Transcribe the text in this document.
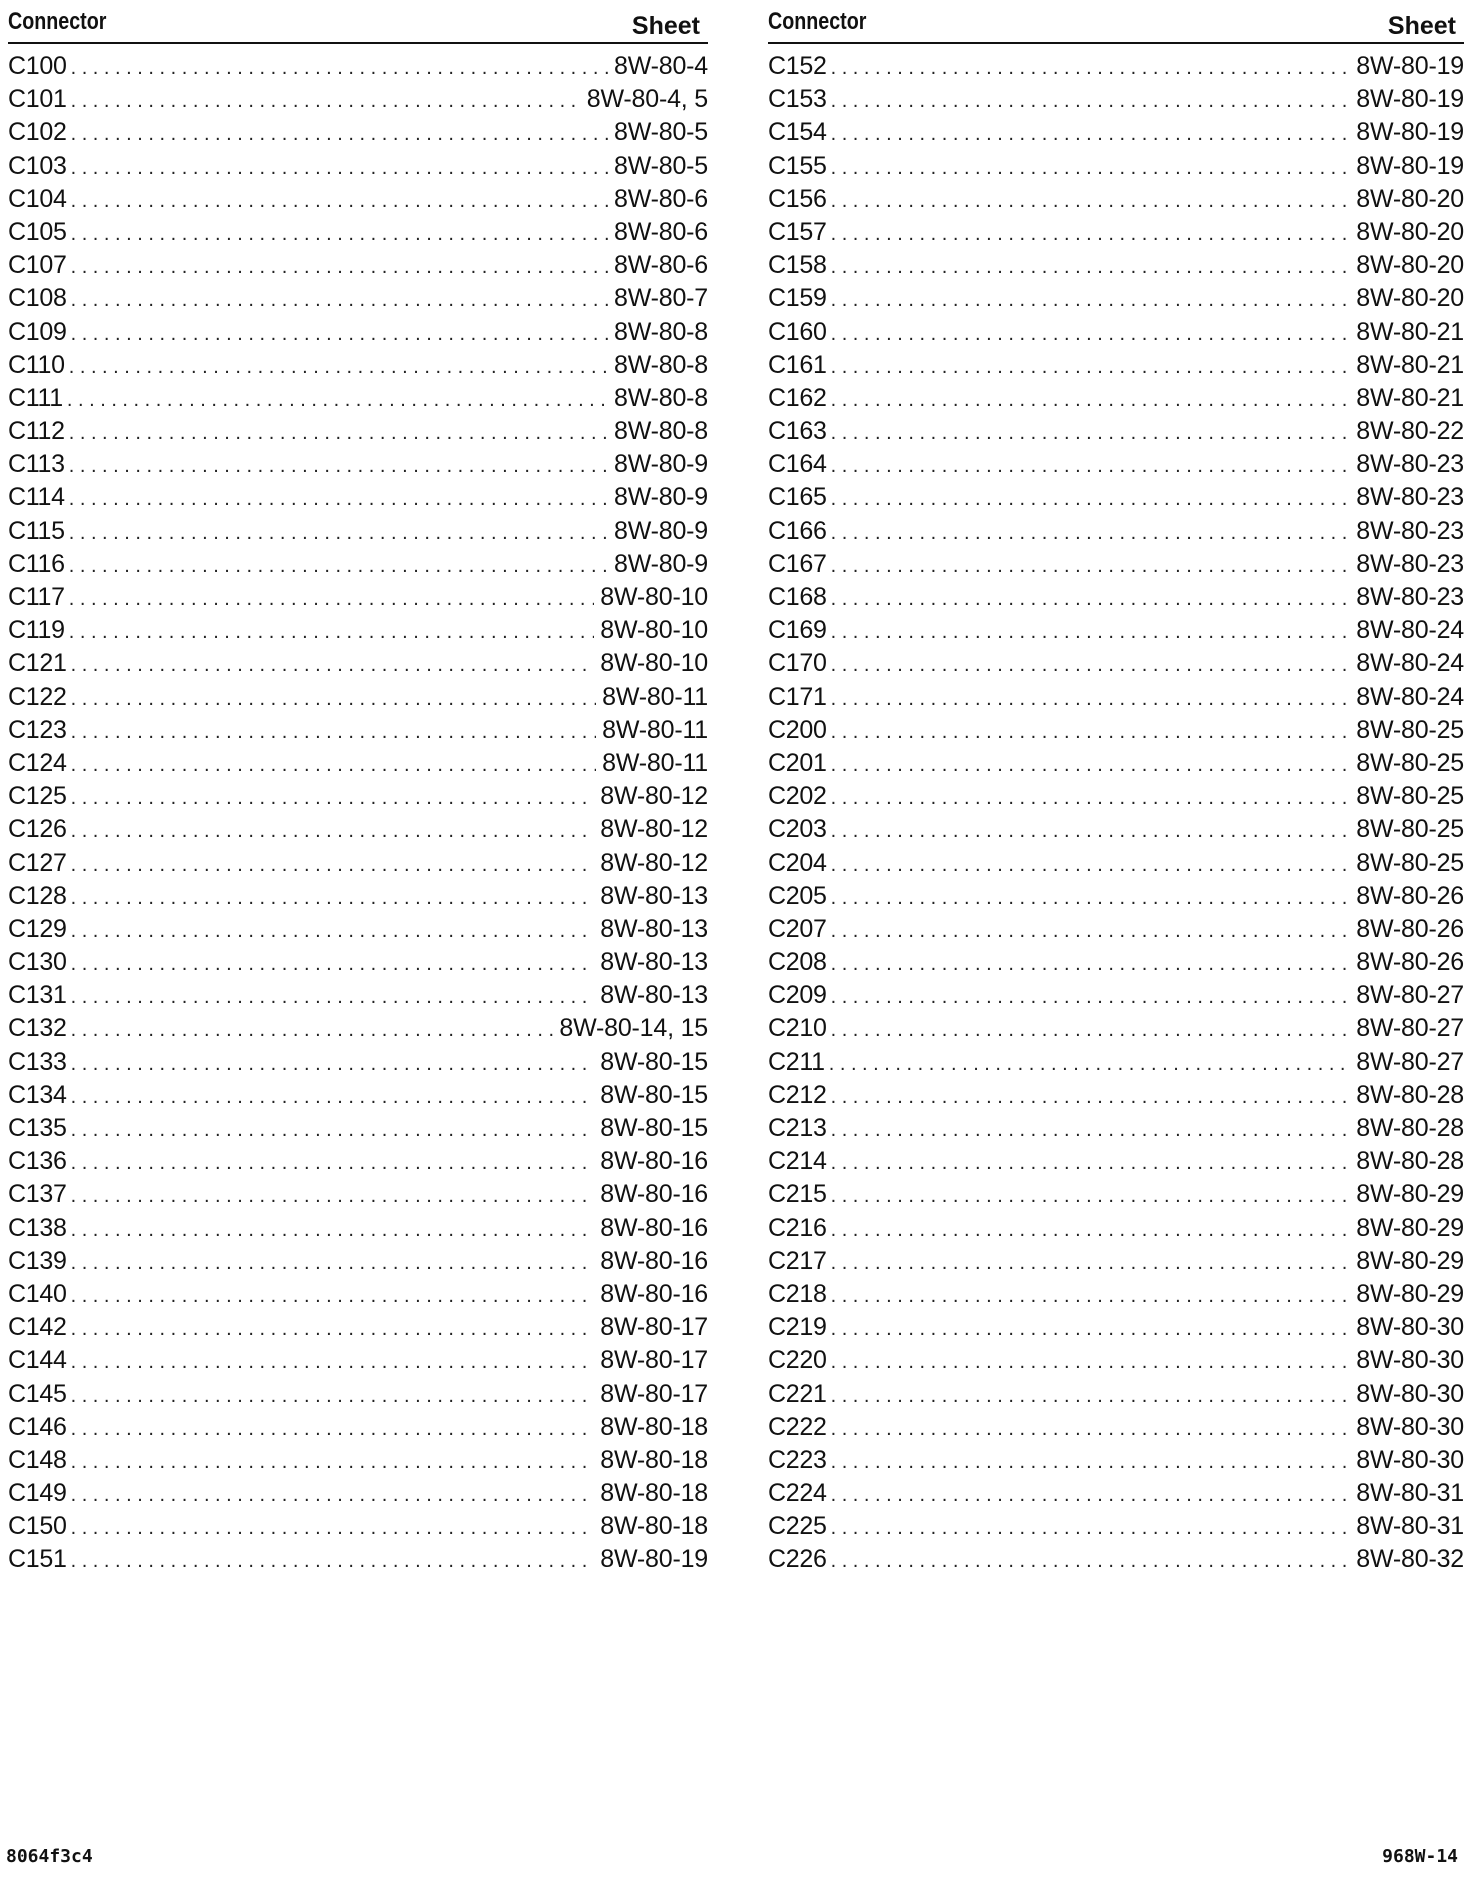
Connector	Sheet
C100 . . .	8W-80-4
C101 . . .	8W-80-4, 5
C102 . . .	8W-80-5
C103 . . .	8W-80-5
C104 . . .	8W-80-6
C105 . . .	8W-80-6
C107 . . .	8W-80-6
C108 . . .	8W-80-7
C109 . . .	8W-80-8
C110 . . .	8W-80-8
C111 . . .	8W-80-8
C112 . . .	8W-80-8
C113 . . .	8W-80-9
C114 . . .	8W-80-9
C115 . . .	8W-80-9
C116 . . .	8W-80-9
C117 . . .	8W-80-10
C119 . . .	8W-80-10
C121 . . .	8W-80-10
C122 . . .	8W-80-11
C123 . . .	8W-80-11
C124 . . .	8W-80-11
C125 . . .	8W-80-12
C126 . . .	8W-80-12
C127 . . .	8W-80-12
C128 . . .	8W-80-13
C129 . . .	8W-80-13
C130 . . .	8W-80-13
C131 . . .	8W-80-13
C132 . . .	8W-80-14, 15
C133 . . .	8W-80-15
C134 . . .	8W-80-15
C135 . . .	8W-80-15
C136 . . .	8W-80-16
C137 . . .	8W-80-16
C138 . . .	8W-80-16
C139 . . .	8W-80-16
C140 . . .	8W-80-16
C142 . . .	8W-80-17
C144 . . .	8W-80-17
C145 . . .	8W-80-17
C146 . . .	8W-80-18
C148 . . .	8W-80-18
C149 . . .	8W-80-18
C150 . . .	8W-80-18
C151 . . .	8W-80-19
Connector	Sheet
C152 . . .	8W-80-19
C153 . . .	8W-80-19
C154 . . .	8W-80-19
C155 . . .	8W-80-19
C156 . . .	8W-80-20
C157 . . .	8W-80-20
C158 . . .	8W-80-20
C159 . . .	8W-80-20
C160 . . .	8W-80-21
C161 . . .	8W-80-21
C162 . . .	8W-80-21
C163 . . .	8W-80-22
C164 . . .	8W-80-23
C165 . . .	8W-80-23
C166 . . .	8W-80-23
C167 . . .	8W-80-23
C168 . . .	8W-80-23
C169 . . .	8W-80-24
C170 . . .	8W-80-24
C171 . . .	8W-80-24
C200 . . .	8W-80-25
C201 . . .	8W-80-25
C202 . . .	8W-80-25
C203 . . .	8W-80-25
C204 . . .	8W-80-25
C205 . . .	8W-80-26
C207 . . .	8W-80-26
C208 . . .	8W-80-26
C209 . . .	8W-80-27
C210 . . .	8W-80-27
C211 . . .	8W-80-27
C212 . . .	8W-80-28
C213 . . .	8W-80-28
C214 . . .	8W-80-28
C215 . . .	8W-80-29
C216 . . .	8W-80-29
C217 . . .	8W-80-29
C218 . . .	8W-80-29
C219 . . .	8W-80-30
C220 . . .	8W-80-30
C221 . . .	8W-80-30
C222 . . .	8W-80-30
C223 . . .	8W-80-30
C224 . . .	8W-80-31
C225 . . .	8W-80-31
C226 . . .	8W-80-32
8064f3c4	968W-14
